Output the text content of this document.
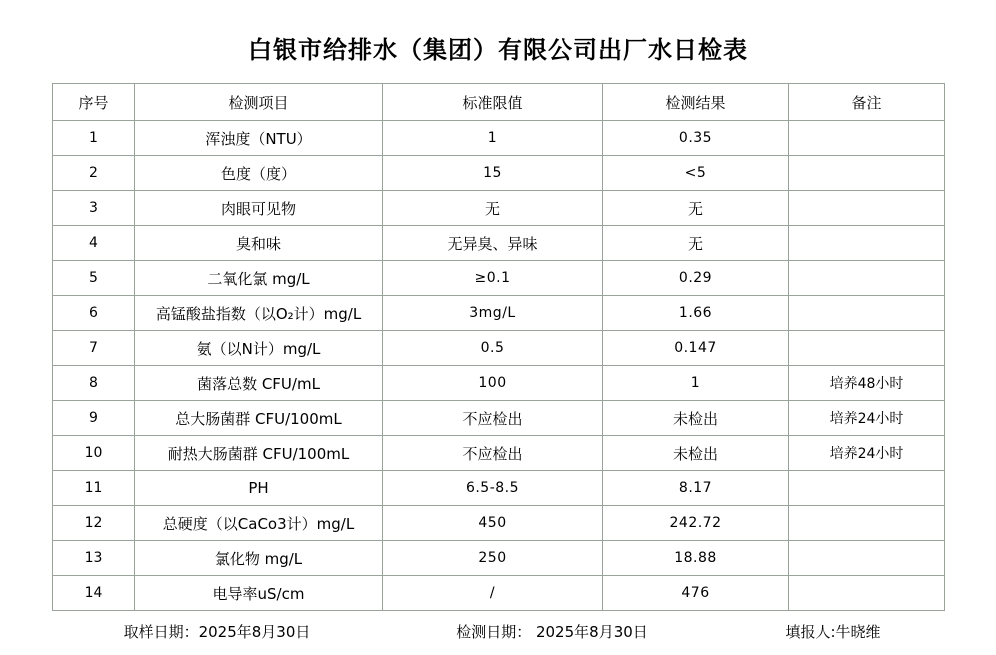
白银市给排水（集团）有限公司出厂水日检表
序号	检测项目	标准限值	检测结果	备注
1	浑浊度（NTU）	1	0.35	
2	色度（度）	15	<5	
3	肉眼可见物	无	无	
4	臭和味	无异臭、异味	无	
5	二氧化氯 mg/L	≥0.1	0.29	
6	高锰酸盐指数（以O₂计）mg/L	3mg/L	1.66	
7	氨（以N计）mg/L	0.5	0.147	
8	菌落总数 CFU/mL	100	1	培养48小时
9	总大肠菌群 CFU/100mL	不应检出	未检出	培养24小时
10	耐热大肠菌群 CFU/100mL	不应检出	未检出	培养24小时
11	PH	6.5-8.5	8.17	
12	总硬度（以CaCo3计）mg/L	450	242.72	
13	氯化物 mg/L	250	18.88	
14	电导率uS/cm	/	476	
取样日期：2025年8月30日	检测日期： 2025年8月30日	填报人:牛晓维
